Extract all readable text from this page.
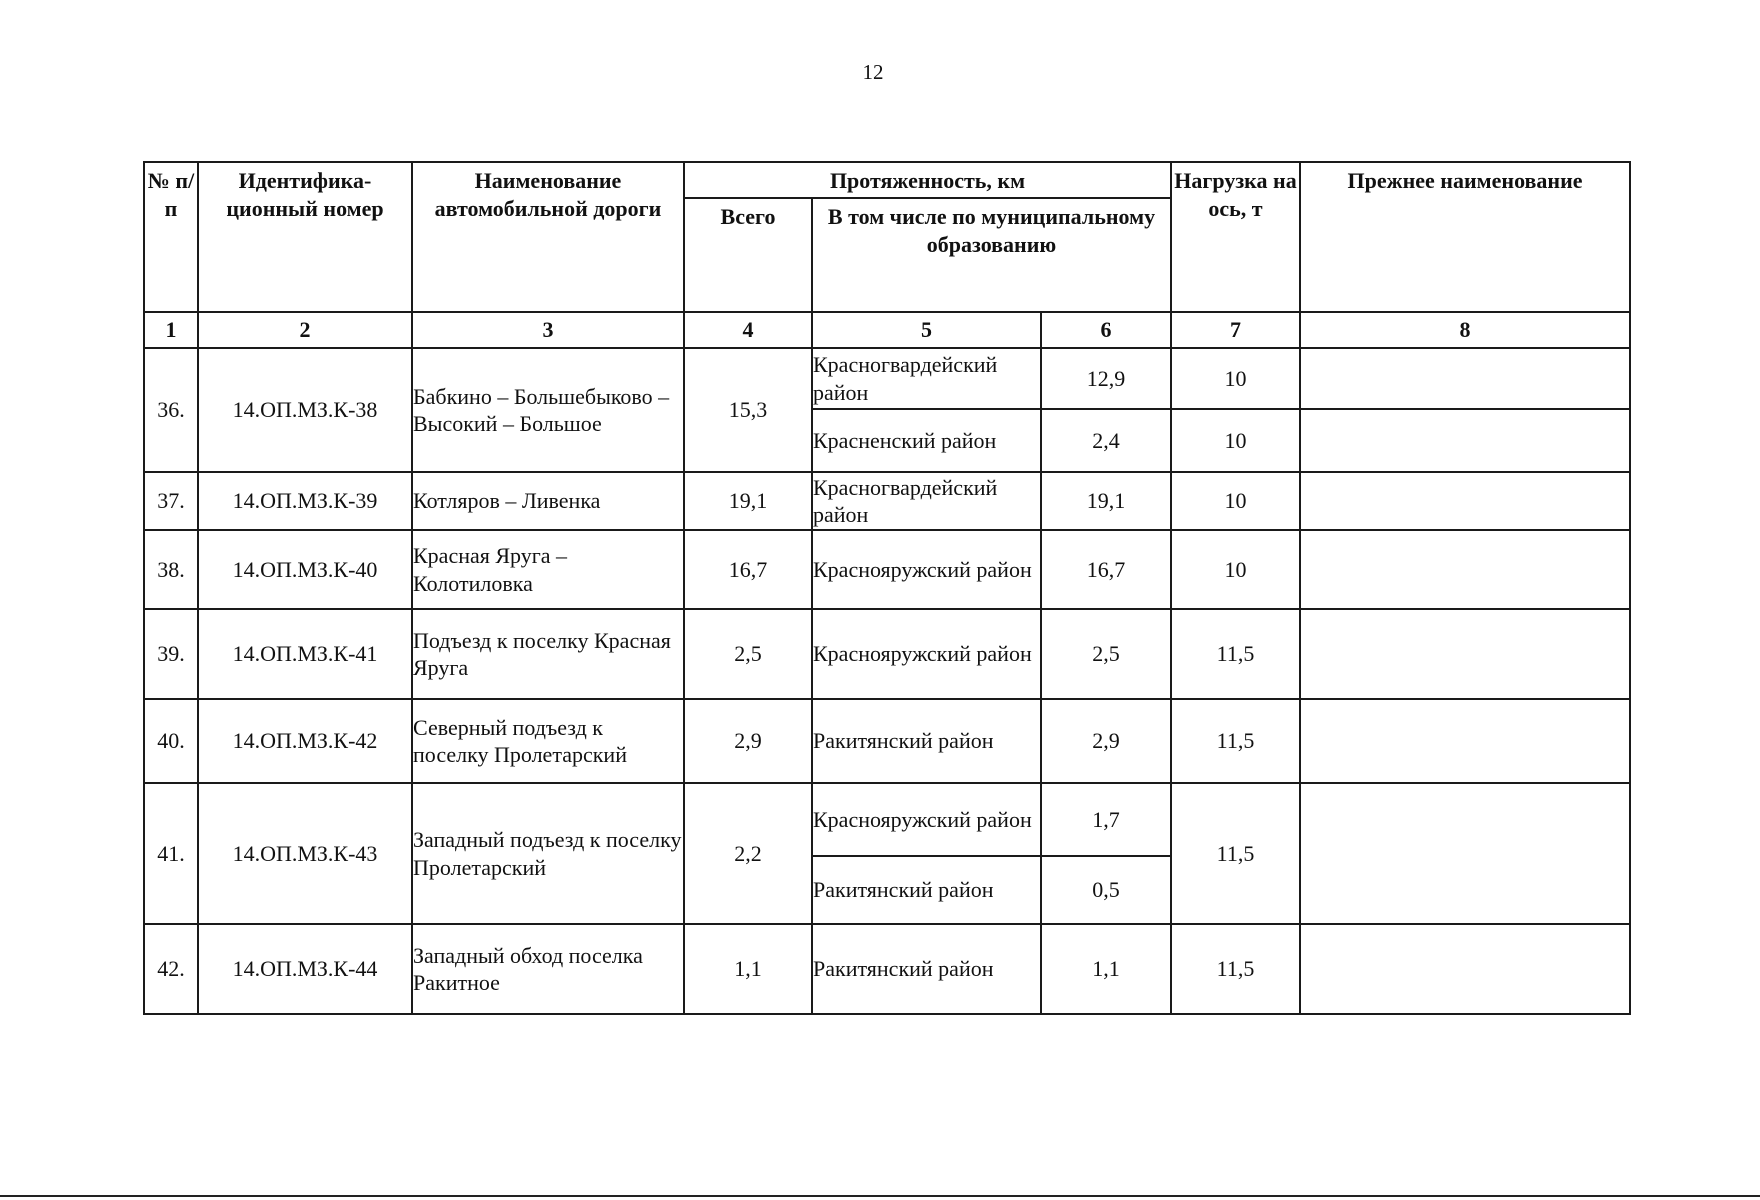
12
№ п/п	Идентифика-ционный номер	Наименование автомобильной дороги	Протяженность, км			Нагрузка на ось, т	Прежнее наименование
			Всего	В том числе по муниципальному образованию			
1	2	3	4	5	6	7	8
36.	14.ОП.МЗ.К-38	Бабкино – Большебыково – Высокий – Большое	15,3	Красногвардейский район	12,9	10	
				Красненский район	2,4	10	
37.	14.ОП.МЗ.К-39	Котляров – Ливенка	19,1	Красногвардейский район	19,1	10	
38.	14.ОП.МЗ.К-40	Красная Яруга – Колотиловка	16,7	Краснояружский район	16,7	10	
39.	14.ОП.МЗ.К-41	Подъезд к поселку Красная Яруга	2,5	Краснояружский район	2,5	11,5	
40.	14.ОП.МЗ.К-42	Северный подъезд к поселку Пролетарский	2,9	Ракитянский район	2,9	11,5	
41.	14.ОП.МЗ.К-43	Западный подъезд к поселку Пролетарский	2,2	Краснояружский район	1,7	11,5	
				Ракитянский район	0,5		
42.	14.ОП.МЗ.К-44	Западный обход поселка Ракитное	1,1	Ракитянский район	1,1	11,5	
